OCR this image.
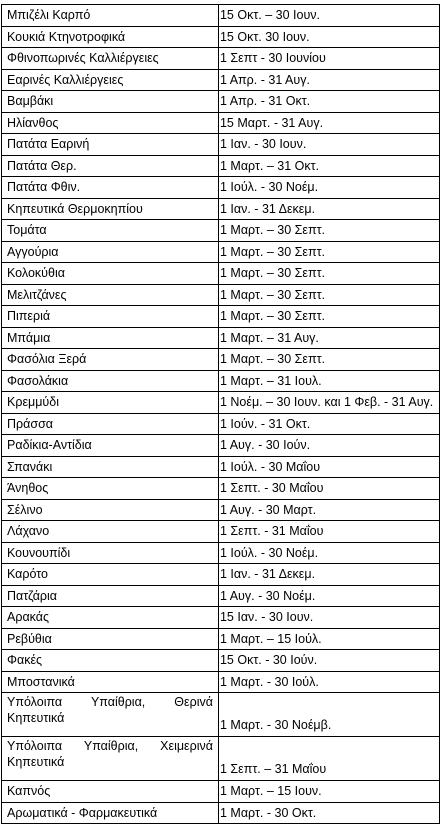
Μπιζέλι Καρπό	15 Οκτ. – 30 Ιουν.
Κουκιά Κτηνοτροφικά	15 Οκτ. 30 Ιουν.
Φθινοπωρινές Καλλιέργειες	1 Σεπτ - 30 Ιουνίου
Εαρινές Καλλιέργειες	1 Απρ. - 31 Αυγ.
Βαμβάκι	1 Απρ. - 31 Οκτ.
Ηλίανθος	15 Μαρτ. - 31 Αυγ.
Πατάτα Εαρινή	1 Ιαν. - 30 Ιουν.
Πατάτα Θερ.	1 Μαρτ. – 31 Οκτ.
Πατάτα Φθιν.	1 Ιούλ. - 30 Νοέμ.
Κηπευτικά Θερμοκηπίου	1 Ιαν. - 31 Δεκεμ.
Τομάτα	1 Μαρτ. – 30 Σεπτ.
Αγγούρια	1 Μαρτ. – 30 Σεπτ.
Κολοκύθια	1 Μαρτ. – 30 Σεπτ.
Μελιτζάνες	1 Μαρτ. – 30 Σεπτ.
Πιπεριά	1 Μαρτ. – 30 Σεπτ.
Μπάμια	1 Μαρτ. – 31 Αυγ.
Φασόλια Ξερά	1 Μαρτ. – 30 Σεπτ.
Φασολάκια	1 Μαρτ. – 31 Ιουλ.
Κρεμμύδι	1 Νοέμ. – 30 Ιουν. και 1 Φεβ. - 31 Αυγ.
Πράσσα	1 Ιούν. - 31 Οκτ.
Ραδίκια-Αντίδια	1 Αυγ. - 30 Ιούν.
Σπανάκι	1 Ιούλ. - 30 Μαΐου
Άνηθος	1 Σεπτ. - 30 Μαΐου
Σέλινο	1 Αυγ. - 30 Μαρτ.
Λάχανο	1 Σεπτ. - 31 Μαΐου
Κουνουπίδι	1 Ιούλ. - 30 Νοέμ.
Καρότο	1 Ιαν. - 31 Δεκεμ.
Πατζάρια	1 Αυγ. - 30 Νοέμ.
Αρακάς	15 Ιαν. - 30 Ιουν.
Ρεβύθια	1 Μαρτ. – 15 Ιούλ.
Φακές	15 Οκτ. - 30 Ιούν.
Μποστανικά	1 Μαρτ. - 30 Ιούλ.
Υπόλοιπα Υπαίθρια, Θεριvά Κηπευτικά	1 Μαρτ. - 30 Νοέμβ.
Υπόλοιπα Υπαίθρια, Χειμερινά Κηπευτικά	1 Σεπτ. – 31 Μαΐου
Καπνός	1 Μαρτ. – 15 Ιουν.
Αρωματικά - Φαρμακευτικά	1 Μαρτ. - 30 Οκτ.
